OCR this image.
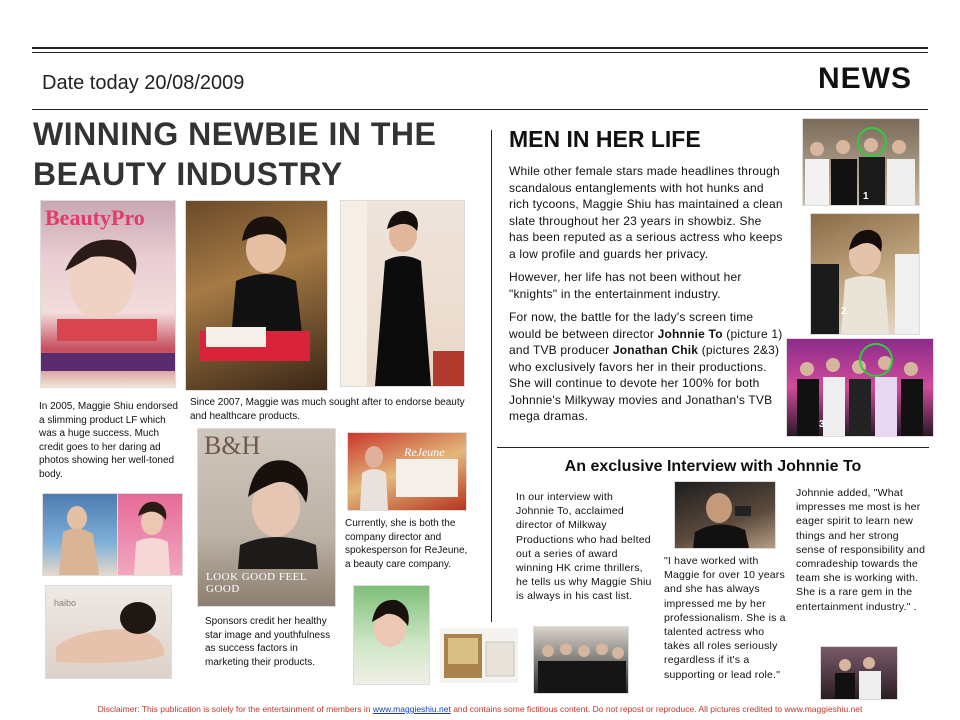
Date today 20/08/2009	NEWS
WINNING NEWBIE IN THE BEAUTY INDUSTRY
BeautyPro
In 2005, Maggie Shiu endorsed a slimming product LF which was a huge success. Much credit goes to her daring ad photos showing her well-toned body.
Since 2007, Maggie was much sought after to endorse beauty and healthcare products.
B&H
LOOK GOOD FEEL GOOD
ReJeune
Currently, she is both the company director and spokesperson for ReJeune, a beauty care company.
haibo
Sponsors credit her healthy star image and youthfulness as success factors in marketing their products.
MEN IN HER LIFE

While other female stars made headlines through scandalous entanglements with hot hunks and rich tycoons, Maggie Shiu has maintained a clean slate throughout her 23 years in showbiz. She has been reputed as a serious actress who keeps a low profile and guards her privacy.

However, her life has not been without her "knights" in the entertainment industry.

For now, the battle for the lady's screen time would be between director Johnnie To (picture 1) and TVB producer Jonathan Chik (pictures 2&3) who exclusively favors her in their productions. She will continue to devote her 100% for both Johnnie's Milkyway movies and Jonathan's TVB mega dramas.

1
2
3
An exclusive Interview with Johnnie To
In our interview with Johnnie To, acclaimed director of Milkway Productions who had belted out a series of award winning HK crime thrillers, he tells us why Maggie Shiu is always in his cast list.
"I have worked with Maggie for over 10 years and she has always impressed me by her professionalism. She is a talented actress who takes all roles seriously regardless if it's a supporting or lead role."
Johnnie added, "What impresses me most is her eager spirit to learn new things and her strong sense of responsibility and comradeship towards the team she is working with. She is a rare gem in the entertainment industry." .
Disclaimer: This publication is solely for the entertainment of members in www.maggieshiu.net and contains some fictitious content. Do not repost or reproduce. All pictures credited to www.maggieshiu.net
